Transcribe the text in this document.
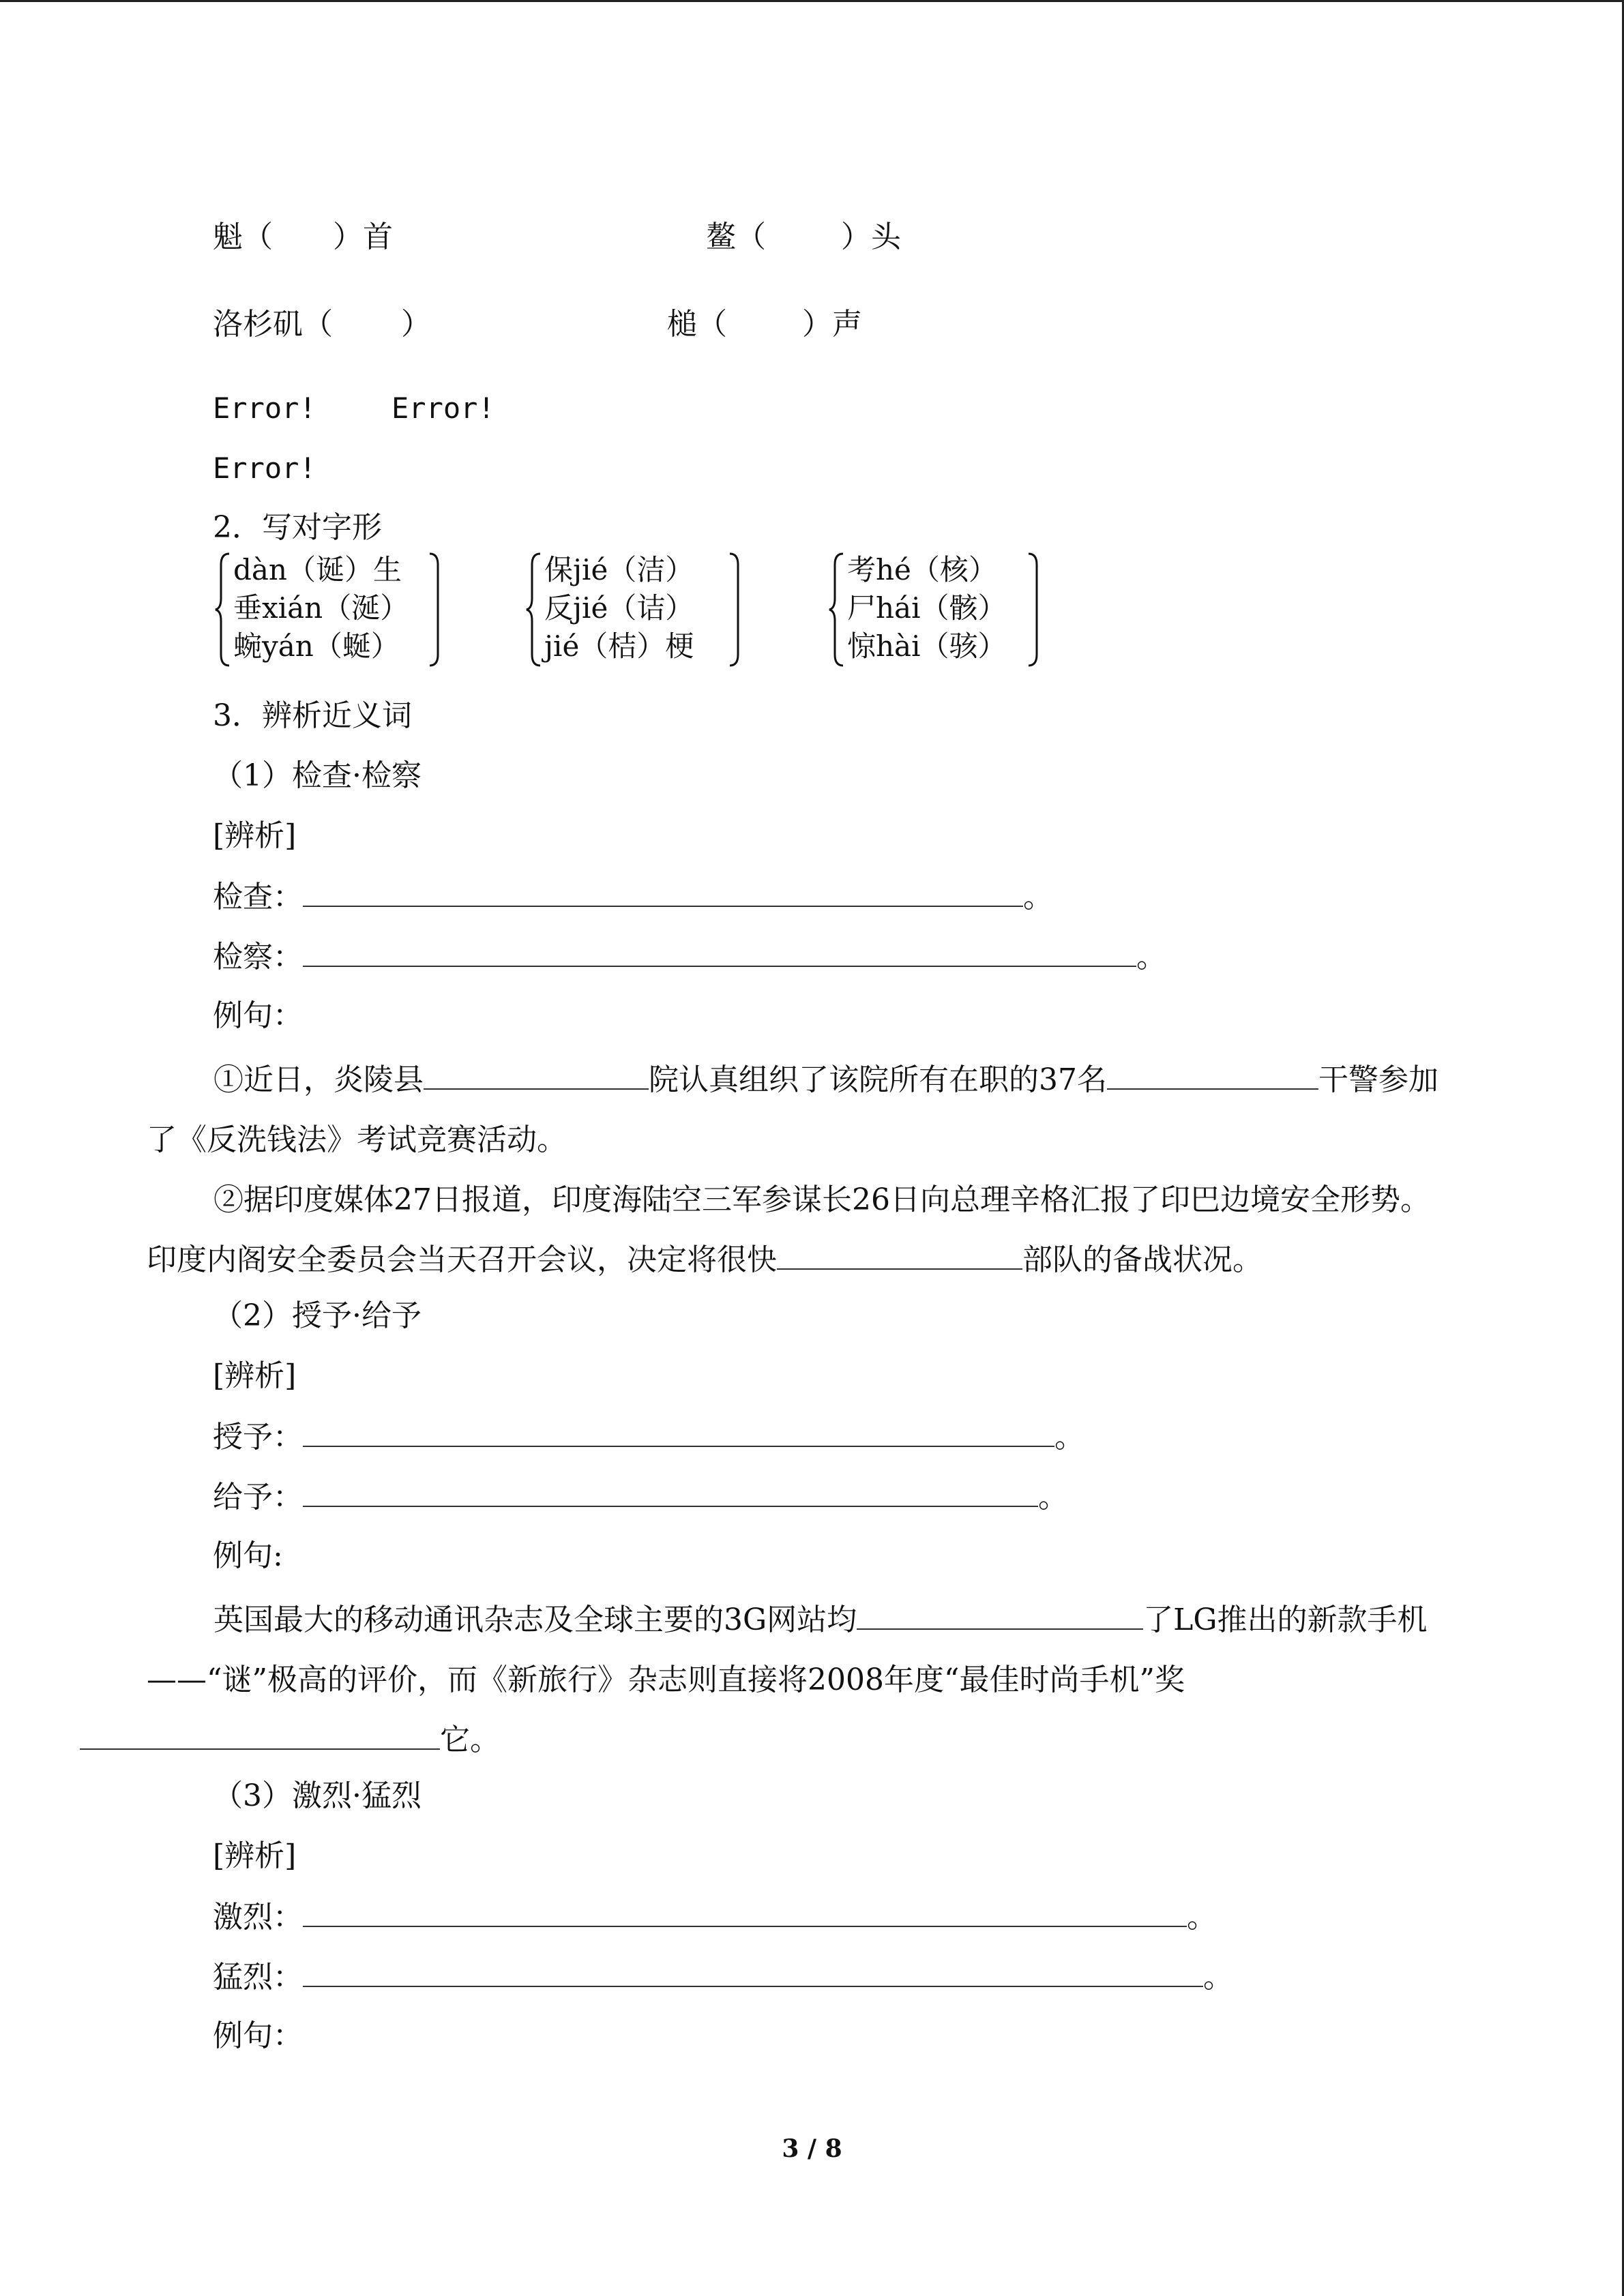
魁（ ）首	鳌（	）头
洛杉矶（ ）	槌（	）声
Error!	Error!
Error!
2．写对字形
dàn（诞）生
垂xián（涎）
蜿yán（蜒）
保jié（洁）
反jié（诘）
jié（桔）梗
考hé（核）
尸hái（骸）
惊hài（骇）
3．辨析近义词
（1）检查·检察
[辨析]
检查：	。
检察：	。
例句：
①近日，炎陵县	院认真组织了该院所有在职的37名	干警参加了《反洗钱法》考试竞赛活动。
②据印度媒体27日报道，印度海陆空三军参谋长26日向总理辛格汇报了印巴边境安全形势。印度内阁安全委员会当天召开会议，决定将很快	部队的备战状况。
（2）授予·给予
[辨析]
授予：	。
给予：	。
例句:
英国最大的移动通讯杂志及全球主要的3G网站均	了LG推出的新款手机——“谜”极高的评价，而《新旅行》杂志则直接将2008年度“最佳时尚手机”奖
它。
（3）激烈·猛烈
[辨析]
激烈：	。
猛烈：	。
例句：
3 / 8
